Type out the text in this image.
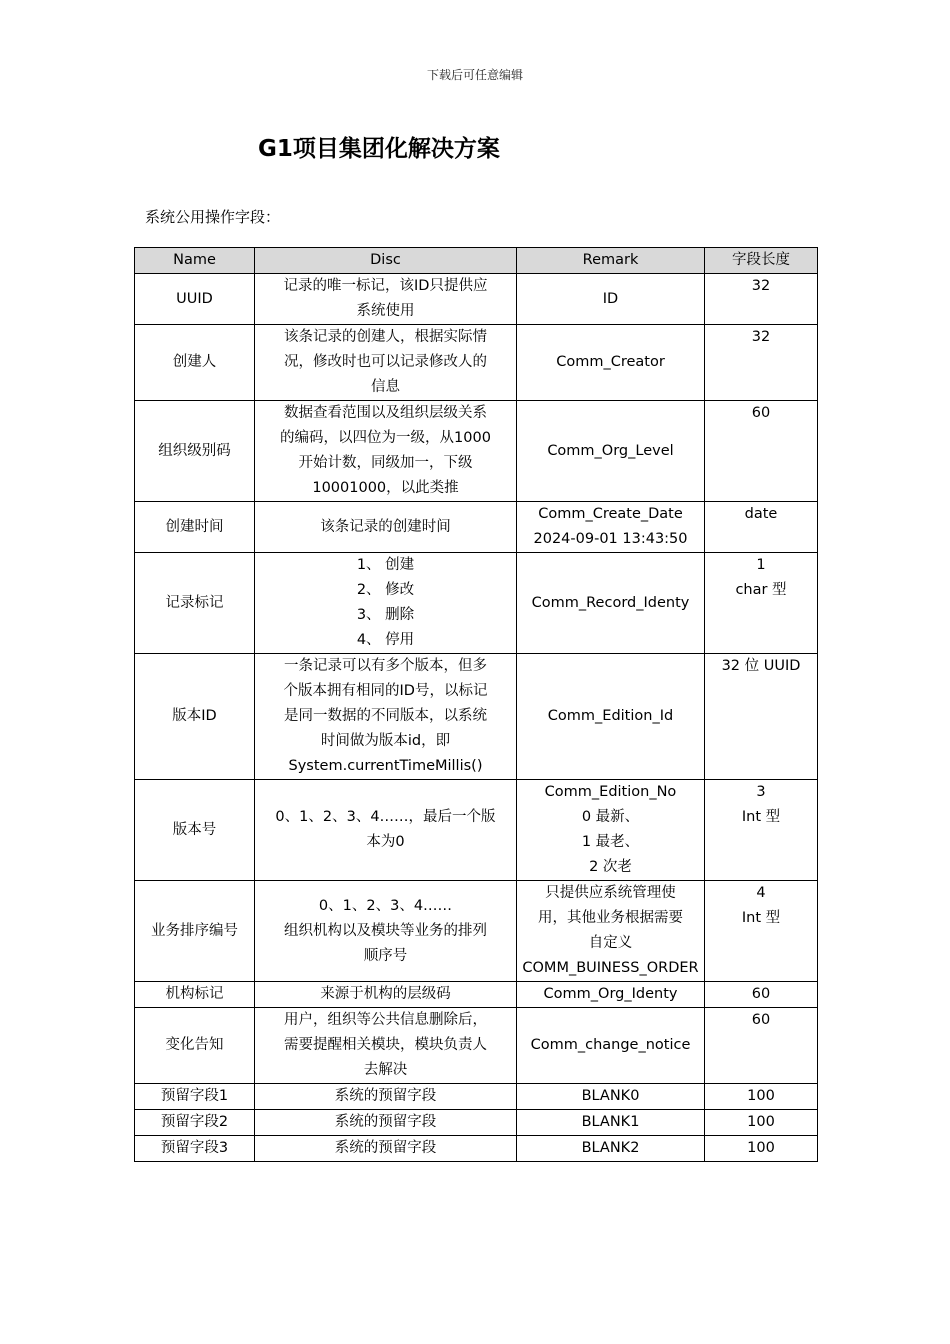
下载后可任意编辑
G1项目集团化解决方案
系统公用操作字段：
Name	Disc	Remark	字段长度
UUID	记录的唯一标记，该ID只提供应
系统使用	ID	32

创建人	该条记录的创建人，根据实际情
况，修改时也可以记录修改人的
信息	Comm_Creator	32

组织级别码	数据查看范围以及组织层级关系
的编码，以四位为一级，从1000
开始计数，同级加一，下级
10001000，以此类推	Comm_Org_Level	60

创建时间	该条记录的创建时间	Comm_Create_Date
2024-09-01 13:43:50	date

记录标记	1、 创建
2、 修改
3、 删除
4、 停用	Comm_Record_Identy	1
char 型

版本ID	一条记录可以有多个版本，但多
个版本拥有相同的ID号，以标记
是同一数据的不同版本，以系统
时间做为版本id，即
System.currentTimeMillis()	Comm_Edition_Id	32 位 UUID

版本号	0、1、2、3、4……，最后一个版
本为0	Comm_Edition_No
0 最新、
1 最老、
2 次老	3
Int 型

业务排序编号	0、1、2、3、4……
组织机构以及模块等业务的排列
顺序号	只提供应系统管理使
用，其他业务根据需要
自定义
COMM_BUINESS_ORDER	4
Int 型

机构标记	来源于机构的层级码	Comm_Org_Identy	60

变化告知	用户，组织等公共信息删除后，
需要提醒相关模块，模块负责人
去解决	Comm_change_notice	60

预留字段1	系统的预留字段	BLANK0	100

预留字段2	系统的预留字段	BLANK1	100

预留字段3	系统的预留字段	BLANK2	100
